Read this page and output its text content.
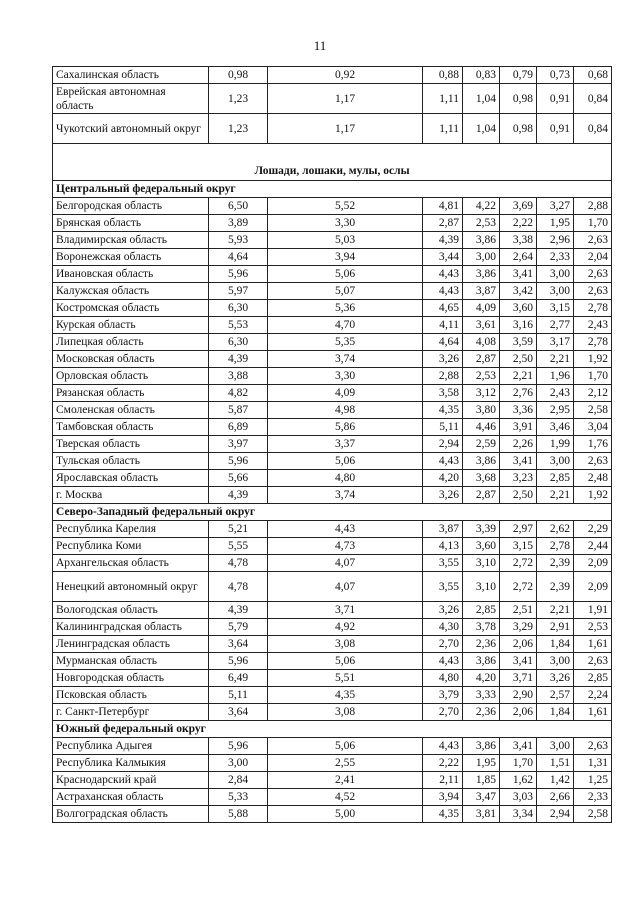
11
Сахалинская область	0,98	0,92	0,88	0,83	0,79	0,73	0,68
Еврейская автономная область	1,23	1,17	1,11	1,04	0,98	0,91	0,84
Чукотский автономный округ	1,23	1,17	1,11	1,04	0,98	0,91	0,84
Лошади, лошаки, мулы, ослы							
Центральный федеральный округ							
Белгородская область	6,50	5,52	4,81	4,22	3,69	3,27	2,88
Брянская область	3,89	3,30	2,87	2,53	2,22	1,95	1,70
Владимирская область	5,93	5,03	4,39	3,86	3,38	2,96	2,63
Воронежская область	4,64	3,94	3,44	3,00	2,64	2,33	2,04
Ивановская область	5,96	5,06	4,43	3,86	3,41	3,00	2,63
Калужская область	5,97	5,07	4,43	3,87	3,42	3,00	2,63
Костромская область	6,30	5,36	4,65	4,09	3,60	3,15	2,78
Курская область	5,53	4,70	4,11	3,61	3,16	2,77	2,43
Липецкая область	6,30	5,35	4,64	4,08	3,59	3,17	2,78
Московская область	4,39	3,74	3,26	2,87	2,50	2,21	1,92
Орловская область	3,88	3,30	2,88	2,53	2,21	1,96	1,70
Рязанская область	4,82	4,09	3,58	3,12	2,76	2,43	2,12
Смоленская область	5,87	4,98	4,35	3,80	3,36	2,95	2,58
Тамбовская область	6,89	5,86	5,11	4,46	3,91	3,46	3,04
Тверская область	3,97	3,37	2,94	2,59	2,26	1,99	1,76
Тульская область	5,96	5,06	4,43	3,86	3,41	3,00	2,63
Ярославская область	5,66	4,80	4,20	3,68	3,23	2,85	2,48
г. Москва	4,39	3,74	3,26	2,87	2,50	2,21	1,92
Северо-Западный федеральный округ							
Республика Карелия	5,21	4,43	3,87	3,39	2,97	2,62	2,29
Республика Коми	5,55	4,73	4,13	3,60	3,15	2,78	2,44
Архангельская область	4,78	4,07	3,55	3,10	2,72	2,39	2,09
Ненецкий автономный округ	4,78	4,07	3,55	3,10	2,72	2,39	2,09
Вологодская область	4,39	3,71	3,26	2,85	2,51	2,21	1,91
Калининградская область	5,79	4,92	4,30	3,78	3,29	2,91	2,53
Ленинградская область	3,64	3,08	2,70	2,36	2,06	1,84	1,61
Мурманская область	5,96	5,06	4,43	3,86	3,41	3,00	2,63
Новгородская область	6,49	5,51	4,80	4,20	3,71	3,26	2,85
Псковская область	5,11	4,35	3,79	3,33	2,90	2,57	2,24
г. Санкт-Петербург	3,64	3,08	2,70	2,36	2,06	1,84	1,61
Южный федеральный округ							
Республика Адыгея	5,96	5,06	4,43	3,86	3,41	3,00	2,63
Республика Калмыкия	3,00	2,55	2,22	1,95	1,70	1,51	1,31
Краснодарский край	2,84	2,41	2,11	1,85	1,62	1,42	1,25
Астраханская область	5,33	4,52	3,94	3,47	3,03	2,66	2,33
Волгоградская область	5,88	5,00	4,35	3,81	3,34	2,94	2,58
